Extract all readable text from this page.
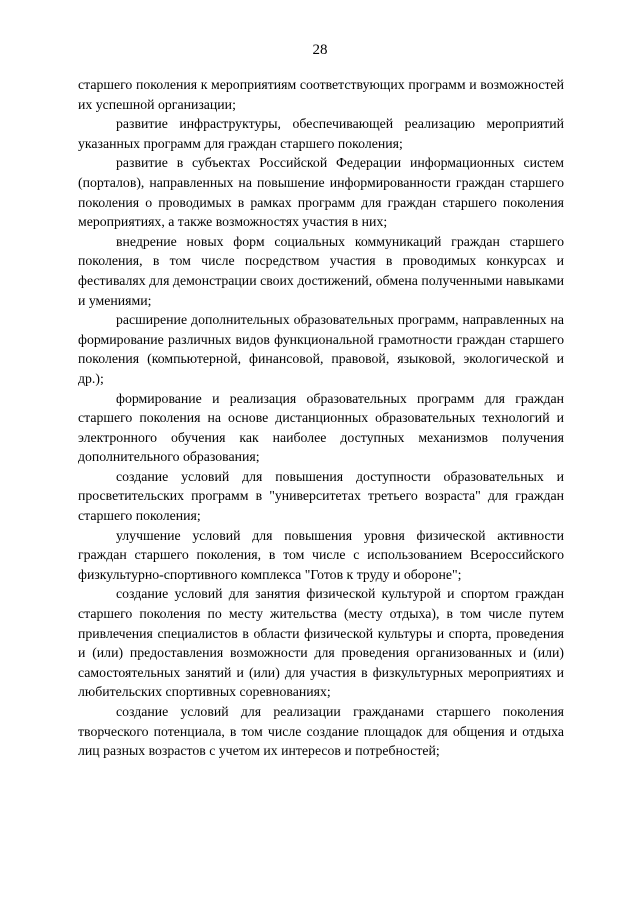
28

старшего поколения к мероприятиям соответствующих программ и возможностей их успешной организации;

развитие инфраструктуры, обеспечивающей реализацию мероприятий указанных программ для граждан старшего поколения;

развитие в субъектах Российской Федерации информационных систем (порталов), направленных на повышение информированности граждан старшего поколения о проводимых в рамках программ для граждан старшего поколения мероприятиях, а также возможностях участия в них;

внедрение новых форм социальных коммуникаций граждан старшего поколения, в том числе посредством участия в проводимых конкурсах и фестивалях для демонстрации своих достижений, обмена полученными навыками и умениями;

расширение дополнительных образовательных программ, направленных на формирование различных видов функциональной грамотности граждан старшего поколения (компьютерной, финансовой, правовой, языковой, экологической и др.);

формирование и реализация образовательных программ для граждан старшего поколения на основе дистанционных образовательных технологий и электронного обучения как наиболее доступных механизмов получения дополнительного образования;

создание условий для повышения доступности образовательных и просветительских программ в "университетах третьего возраста" для граждан старшего поколения;

улучшение условий для повышения уровня физической активности граждан старшего поколения, в том числе с использованием Всероссийского физкультурно-спортивного комплекса "Готов к труду и обороне";

создание условий для занятия физической культурой и спортом граждан старшего поколения по месту жительства (месту отдыха), в том числе путем привлечения специалистов в области физической культуры и спорта, проведения и (или) предоставления возможности для проведения организованных и (или) самостоятельных занятий и (или) для участия в физкультурных мероприятиях и любительских спортивных соревнованиях;

создание условий для реализации гражданами старшего поколения творческого потенциала, в том числе создание площадок для общения и отдыха лиц разных возрастов с учетом их интересов и потребностей;
